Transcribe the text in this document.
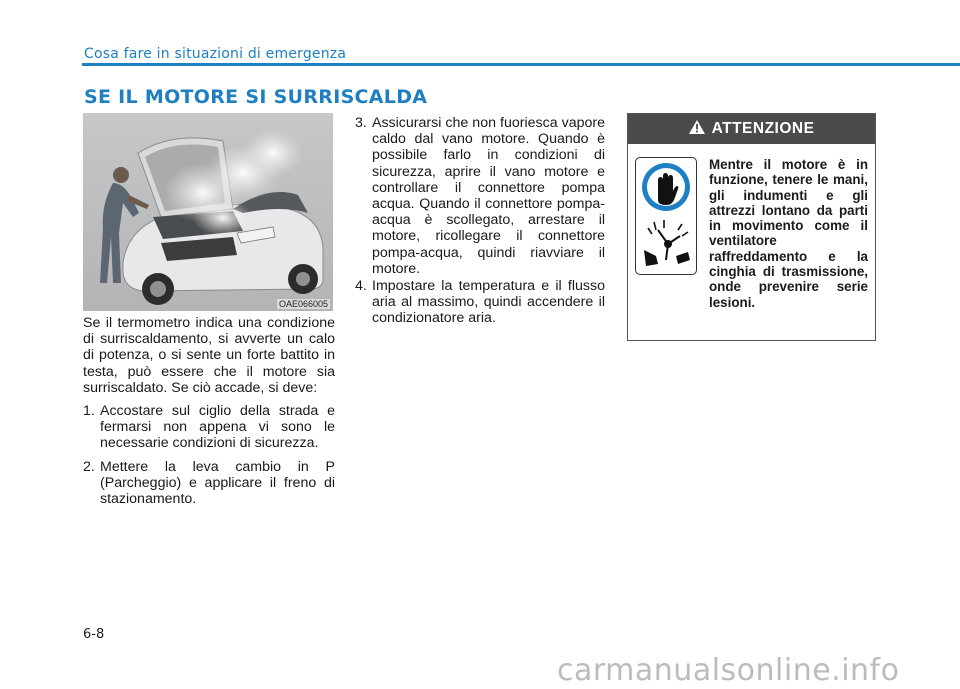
Cosa fare in situazioni di emergenza
SE IL MOTORE SI SURRISCALDA
OAE066005

Se il termometro indica una condizione di surriscaldamento, si avverte un calo di potenza, o si sente un forte battito in testa, può essere che il motore sia surriscaldato. Se ciò accade, si deve:

1. Accostare sul ciglio della strada e fermarsi non appena vi sono le necessarie condizioni di sicurezza.
2. Mettere la leva cambio in P (Parcheggio) e applicare il freno di stazionamento.
3. Assicurarsi che non fuoriesca vapore caldo dal vano motore. Quando è possibile farlo in condizioni di sicurezza, aprire il vano motore e controllare il connettore pompa acqua. Quando il connettore pompa-acqua è scollegato, arrestare il motore, ricollegare il connettore pompa-acqua, quindi riavviare il motore.
4. Impostare la temperatura e il flusso aria al massimo, quindi accendere il condizionatore aria.
ATTENZIONE
Mentre il motore è in funzione, tenere le mani, gli indumenti e gli attrezzi lontano da parti in movimento come il ventilatore raffreddamento e la cinghia di trasmissione, onde prevenire serie lesioni.
6-8
carmanualsonline.info
